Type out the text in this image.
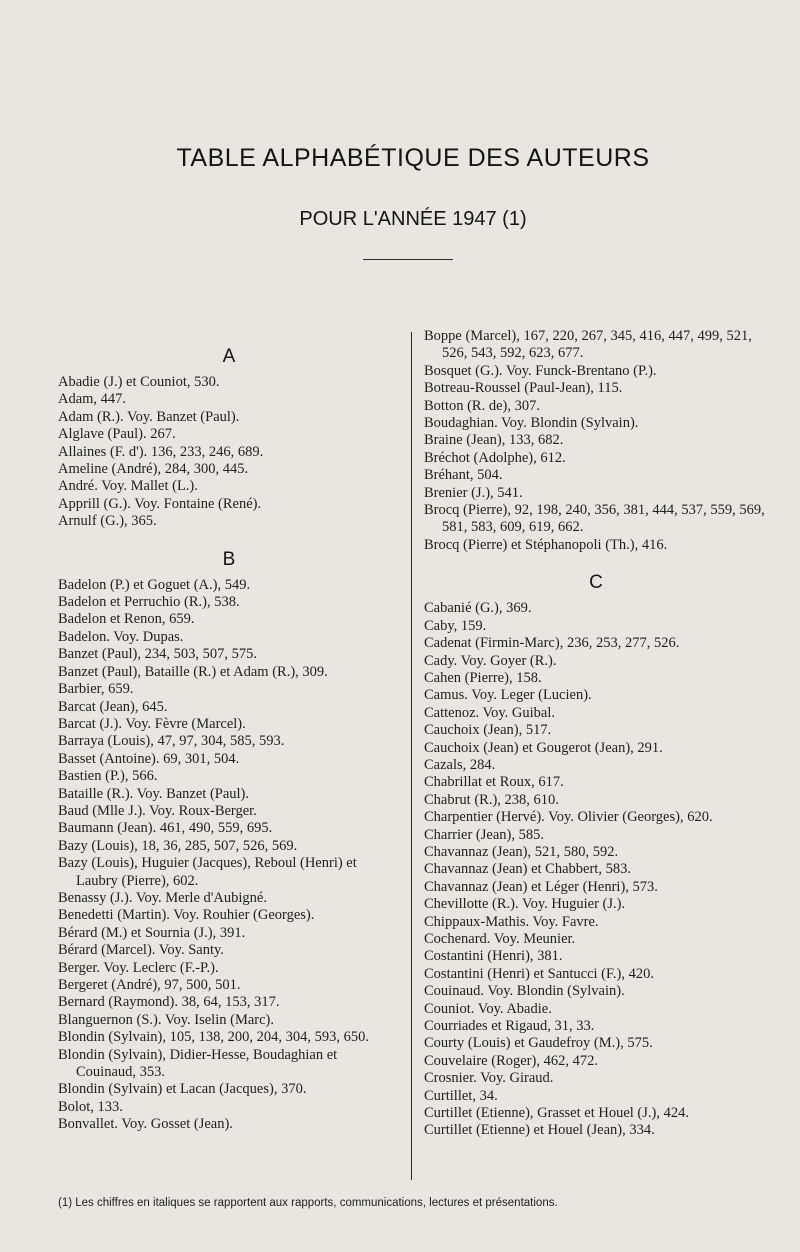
TABLE ALPHABÉTIQUE DES AUTEURS
POUR L'ANNÉE 1947 (1)
A
Abadie (J.) et Couniot, 530.
Adam, 447.
Adam (R.). Voy. Banzet (Paul).
Alglave (Paul). 267.
Allaines (F. d'). 136, 233, 246, 689.
Ameline (André), 284, 300, 445.
André. Voy. Mallet (L.).
Apprill (G.). Voy. Fontaine (René).
Arnulf (G.), 365.
B
Badelon (P.) et Goguet (A.), 549.
Badelon et Perruchio (R.), 538.
Badelon et Renon, 659.
Badelon. Voy. Dupas.
Banzet (Paul), 234, 503, 507, 575.
Banzet (Paul), Bataille (R.) et Adam (R.), 309.
Barbier, 659.
Barcat (Jean), 645.
Barcat (J.). Voy. Fèvre (Marcel).
Barraya (Louis), 47, 97, 304, 585, 593.
Basset (Antoine). 69, 301, 504.
Bastien (P.), 566.
Bataille (R.). Voy. Banzet (Paul).
Baud (Mlle J.). Voy. Roux-Berger.
Baumann (Jean). 461, 490, 559, 695.
Bazy (Louis), 18, 36, 285, 507, 526, 569.
Bazy (Louis), Huguier (Jacques), Reboul (Henri) et Laubry (Pierre), 602.
Benassy (J.). Voy. Merle d'Aubigné.
Benedetti (Martin). Voy. Rouhier (Georges).
Bérard (M.) et Sournia (J.), 391.
Bérard (Marcel). Voy. Santy.
Berger. Voy. Leclerc (F.-P.).
Bergeret (André), 97, 500, 501.
Bernard (Raymond). 38, 64, 153, 317.
Blanguernon (S.). Voy. Iselin (Marc).
Blondin (Sylvain), 105, 138, 200, 204, 304, 593, 650.
Blondin (Sylvain), Didier-Hesse, Boudaghian et Couinaud, 353.
Blondin (Sylvain) et Lacan (Jacques), 370.
Bolot, 133.
Bonvallet. Voy. Gosset (Jean).
Boppe (Marcel), 167, 220, 267, 345, 416, 447, 499, 521, 526, 543, 592, 623, 677.
Bosquet (G.). Voy. Funck-Brentano (P.).
Botreau-Roussel (Paul-Jean), 115.
Botton (R. de), 307.
Boudaghian. Voy. Blondin (Sylvain).
Braine (Jean), 133, 682.
Bréchot (Adolphe), 612.
Bréhant, 504.
Brenier (J.), 541.
Brocq (Pierre), 92, 198, 240, 356, 381, 444, 537, 559, 569, 581, 583, 609, 619, 662.
Brocq (Pierre) et Stéphanopoli (Th.), 416.
C
Cabanié (G.), 369.
Caby, 159.
Cadenat (Firmin-Marc), 236, 253, 277, 526.
Cady. Voy. Goyer (R.).
Cahen (Pierre), 158.
Camus. Voy. Leger (Lucien).
Cattenoz. Voy. Guibal.
Cauchoix (Jean), 517.
Cauchoix (Jean) et Gougerot (Jean), 291.
Cazals, 284.
Chabrillat et Roux, 617.
Chabrut (R.), 238, 610.
Charpentier (Hervé). Voy. Olivier (Georges), 620.
Charrier (Jean), 585.
Chavannaz (Jean), 521, 580, 592.
Chavannaz (Jean) et Chabbert, 583.
Chavannaz (Jean) et Léger (Henri), 573.
Chevillotte (R.). Voy. Huguier (J.).
Chippaux-Mathis. Voy. Favre.
Cochenard. Voy. Meunier.
Costantini (Henri), 381.
Costantini (Henri) et Santucci (F.), 420.
Couinaud. Voy. Blondin (Sylvain).
Couniot. Voy. Abadie.
Courriades et Rigaud, 31, 33.
Courty (Louis) et Gaudefroy (M.), 575.
Couvelaire (Roger), 462, 472.
Crosnier. Voy. Giraud.
Curtillet, 34.
Curtillet (Etienne), Grasset et Houel (J.), 424.
Curtillet (Etienne) et Houel (Jean), 334.
(1) Les chiffres en italiques se rapportent aux rapports, communications, lectures et présentations.
